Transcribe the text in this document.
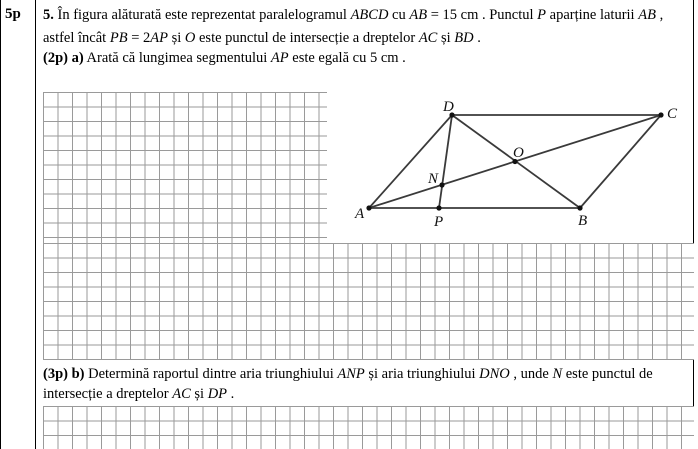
5p 5. În figura alăturată este reprezentat paralelogramul ABCD cu AB = 15 cm . Punctul P aparține laturii AB ,
astfel încât PB = 2AP și O este punctul de intersecție a dreptelor AC și BD .
(2p) a) Arată că lungimea segmentului AP este egală cu 5 cm .
A	B
C
D
O
N
P
(3p) b) Determină raportul dintre aria triunghiului ANP și aria triunghiului DNO , unde N este punctul de
intersecție a dreptelor AC și DP .
